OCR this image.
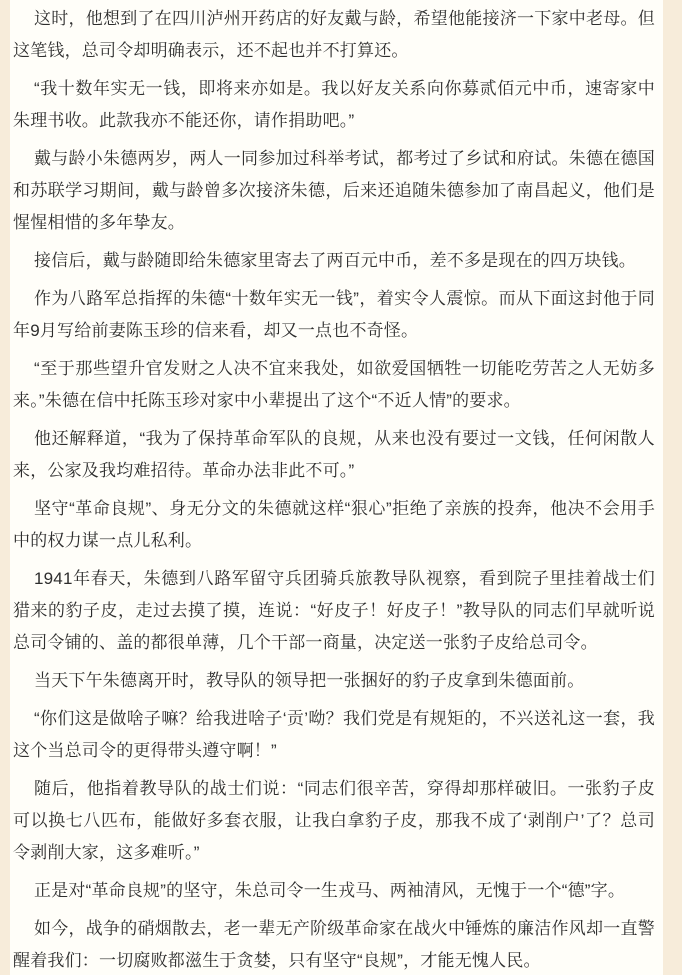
这时，他想到了在四川泸州开药店的好友戴与龄，希望他能接济一下家中老母。但这笔钱，总司令却明确表示，还不起也并不打算还。

“我十数年实无一钱，即将来亦如是。我以好友关系向你募贰佰元中币，速寄家中朱理书收。此款我亦不能还你，请作捐助吧。”

戴与龄小朱德两岁，两人一同参加过科举考试，都考过了乡试和府试。朱德在德国和苏联学习期间，戴与龄曾多次接济朱德，后来还追随朱德参加了南昌起义，他们是惺惺相惜的多年挚友。

接信后，戴与龄随即给朱德家里寄去了两百元中币，差不多是现在的四万块钱。

作为八路军总指挥的朱德“十数年实无一钱”，着实令人震惊。而从下面这封他于同年9月写给前妻陈玉珍的信来看，却又一点也不奇怪。

“至于那些望升官发财之人决不宜来我处，如欲爱国牺牲一切能吃劳苦之人无妨多来。”朱德在信中托陈玉珍对家中小辈提出了这个“不近人情”的要求。

他还解释道，“我为了保持革命军队的良规，从来也没有要过一文钱，任何闲散人来，公家及我均难招待。革命办法非此不可。”

坚守“革命良规”、身无分文的朱德就这样“狠心”拒绝了亲族的投奔，他决不会用手中的权力谋一点儿私利。

1941年春天，朱德到八路军留守兵团骑兵旅教导队视察，看到院子里挂着战士们猎来的豹子皮，走过去摸了摸，连说：“好皮子！好皮子！”教导队的同志们早就听说总司令铺的、盖的都很单薄，几个干部一商量，决定送一张豹子皮给总司令。

当天下午朱德离开时，教导队的领导把一张捆好的豹子皮拿到朱德面前。

“你们这是做啥子嘛？给我进啥子‘贡’呦？我们党是有规矩的，不兴送礼这一套，我这个当总司令的更得带头遵守啊！”

随后，他指着教导队的战士们说：“同志们很辛苦，穿得却那样破旧。一张豹子皮可以换七八匹布，能做好多套衣服，让我白拿豹子皮，那我不成了‘剥削户’了？总司令剥削大家，这多难听。”

正是对“革命良规”的坚守，朱总司令一生戎马、两袖清风，无愧于一个“德”字。

如今，战争的硝烟散去，老一辈无产阶级革命家在战火中锤炼的廉洁作风却一直警醒着我们：一切腐败都滋生于贪婪，只有坚守“良规”，才能无愧人民。
